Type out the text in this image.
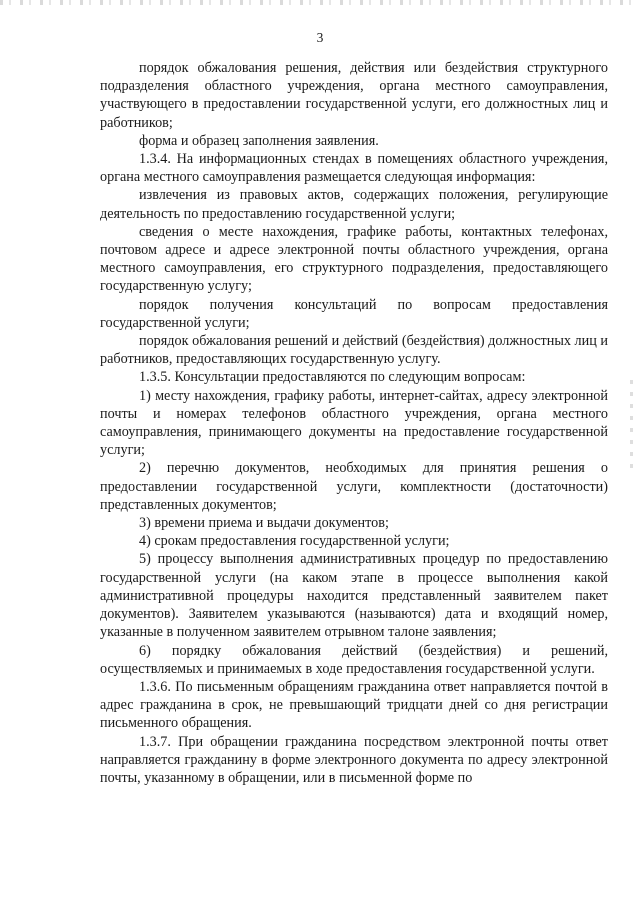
3

порядок обжалования решения, действия или бездействия структурного подразделения областного учреждения, органа местного самоуправления, участвующего в предоставлении государственной услуги, его должностных лиц и работников;

форма и образец заполнения заявления.

1.3.4. На информационных стендах в помещениях областного учреждения, органа местного самоуправления размещается следующая информация:

извлечения из правовых актов, содержащих положения, регулирующие деятельность по предоставлению государственной услуги;

сведения о месте нахождения, графике работы, контактных телефонах, почтовом адресе и адресе электронной почты областного учреждения, органа местного самоуправления, его структурного подразделения, предоставляющего государственную услугу;

порядок получения консультаций по вопросам предоставления государственной услуги;

порядок обжалования решений и действий (бездействия) должностных лиц и работников, предоставляющих государственную услугу.

1.3.5. Консультации предоставляются по следующим вопросам:

1) месту нахождения, графику работы, интернет-сайтах, адресу электронной почты и номерах телефонов областного учреждения, органа местного самоуправления, принимающего документы на предоставление государственной услуги;

2) перечню документов, необходимых для принятия решения о предоставлении государственной услуги, комплектности (достаточности) представленных документов;

3) времени приема и выдачи документов;

4) срокам предоставления государственной услуги;

5) процессу выполнения административных процедур по предоставлению государственной услуги (на каком этапе в процессе выполнения какой административной процедуры находится представленный заявителем пакет документов). Заявителем указываются (называются) дата и входящий номер, указанные в полученном заявителем отрывном талоне заявления;

6) порядку обжалования действий (бездействия) и решений, осуществляемых и принимаемых в ходе предоставления государственной услуги.

1.3.6. По письменным обращениям гражданина ответ направляется почтой в адрес гражданина в срок, не превышающий тридцати дней со дня регистрации письменного обращения.

1.3.7. При обращении гражданина посредством электронной почты ответ направляется гражданину в форме электронного документа по адресу электронной почты, указанному в обращении, или в письменной форме по
